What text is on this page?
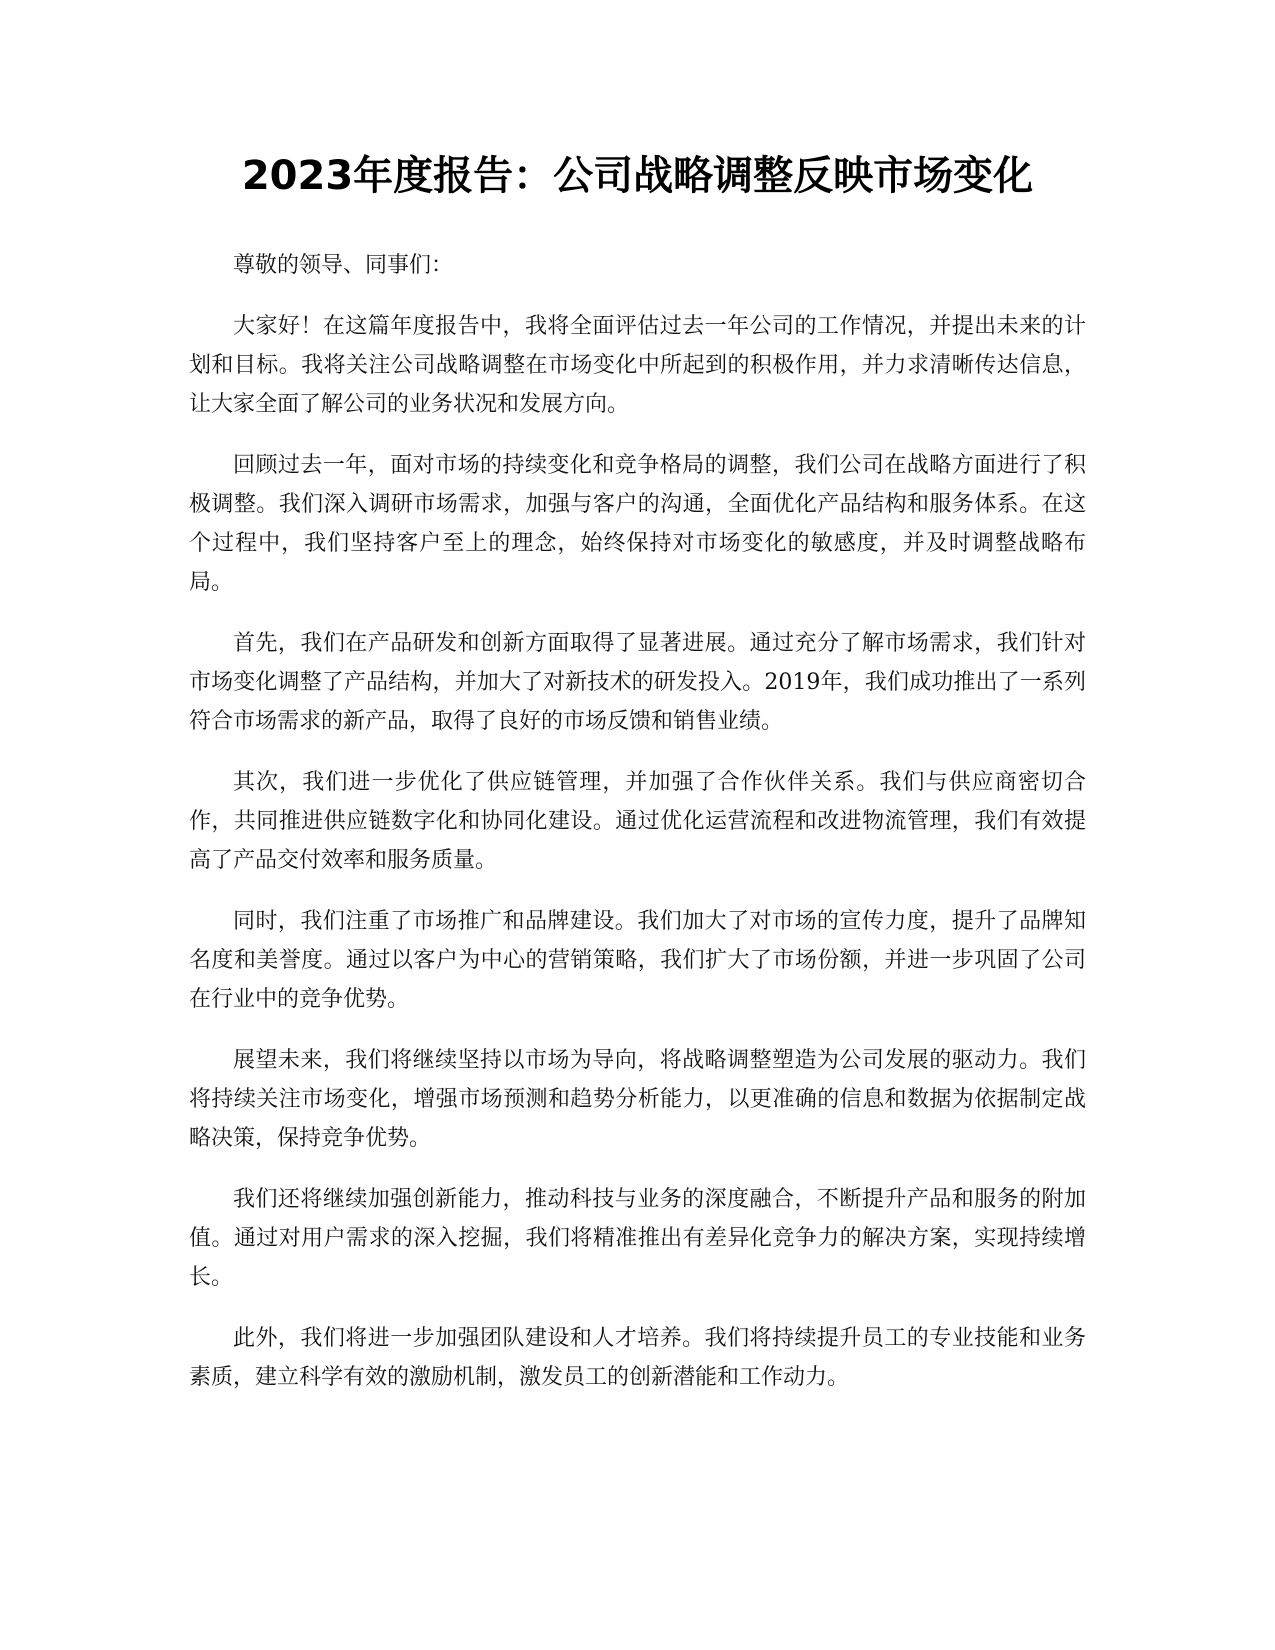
2023年度报告：公司战略调整反映市场变化

尊敬的领导、同事们：

大家好！在这篇年度报告中，我将全面评估过去一年公司的工作情况，并提出未来的计划和目标。我将关注公司战略调整在市场变化中所起到的积极作用，并力求清晰传达信息，让大家全面了解公司的业务状况和发展方向。

回顾过去一年，面对市场的持续变化和竞争格局的调整，我们公司在战略方面进行了积极调整。我们深入调研市场需求，加强与客户的沟通，全面优化产品结构和服务体系。在这个过程中，我们坚持客户至上的理念，始终保持对市场变化的敏感度，并及时调整战略布局。

首先，我们在产品研发和创新方面取得了显著进展。通过充分了解市场需求，我们针对市场变化调整了产品结构，并加大了对新技术的研发投入。2019年，我们成功推出了一系列符合市场需求的新产品，取得了良好的市场反馈和销售业绩。

其次，我们进一步优化了供应链管理，并加强了合作伙伴关系。我们与供应商密切合作，共同推进供应链数字化和协同化建设。通过优化运营流程和改进物流管理，我们有效提高了产品交付效率和服务质量。

同时，我们注重了市场推广和品牌建设。我们加大了对市场的宣传力度，提升了品牌知名度和美誉度。通过以客户为中心的营销策略，我们扩大了市场份额，并进一步巩固了公司在行业中的竞争优势。

展望未来，我们将继续坚持以市场为导向，将战略调整塑造为公司发展的驱动力。我们将持续关注市场变化，增强市场预测和趋势分析能力，以更准确的信息和数据为依据制定战略决策，保持竞争优势。

我们还将继续加强创新能力，推动科技与业务的深度融合，不断提升产品和服务的附加值。通过对用户需求的深入挖掘，我们将精准推出有差异化竞争力的解决方案，实现持续增长。

此外，我们将进一步加强团队建设和人才培养。我们将持续提升员工的专业技能和业务素质，建立科学有效的激励机制，激发员工的创新潜能和工作动力。
